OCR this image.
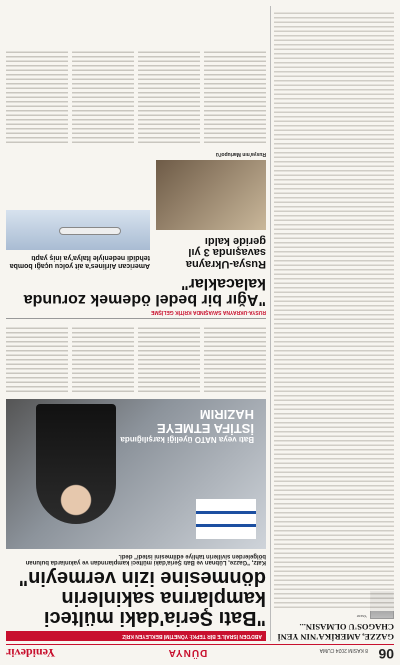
06 8 KASIM 2024 CUMA
DÜNYA
Yenidevir
GAZZE, AMERİKA'NIN YENİ CHAGOS'U OLMASIN...
Yazar
ABD'DEN İSRAİL'E BİR TEPKİ: YÖNETİMİ BEKLEYEN KRİZ
"Batı Şeria'daki mülteci kamplarına sakinlerin dönmesine izin vermeyin"
Katz, "Gazze, Lübnan ve Batı Şeria'daki mülteci kamplarından ve yakınlarda bulunan bölgelerden sivillerin tahliye edilmesini istedi" dedi.
Batı veya NATO üyeliği karşılığında
İSTİFA ETMEYE HAZIRIM
RUSYA-UKRAYNA SAVAŞINDA KRİTİK GELİŞME
"Ağır bir bedel ödemek zorunda kalacaklar"
Rusya-Ukrayna savaşında 3 yıl geride kaldı
Rusya'nın Mariupol'ü
American Airlines'a ait yolcu uçağı bomba tehdidi nedeniyle İtalya'ya iniş yaptı
